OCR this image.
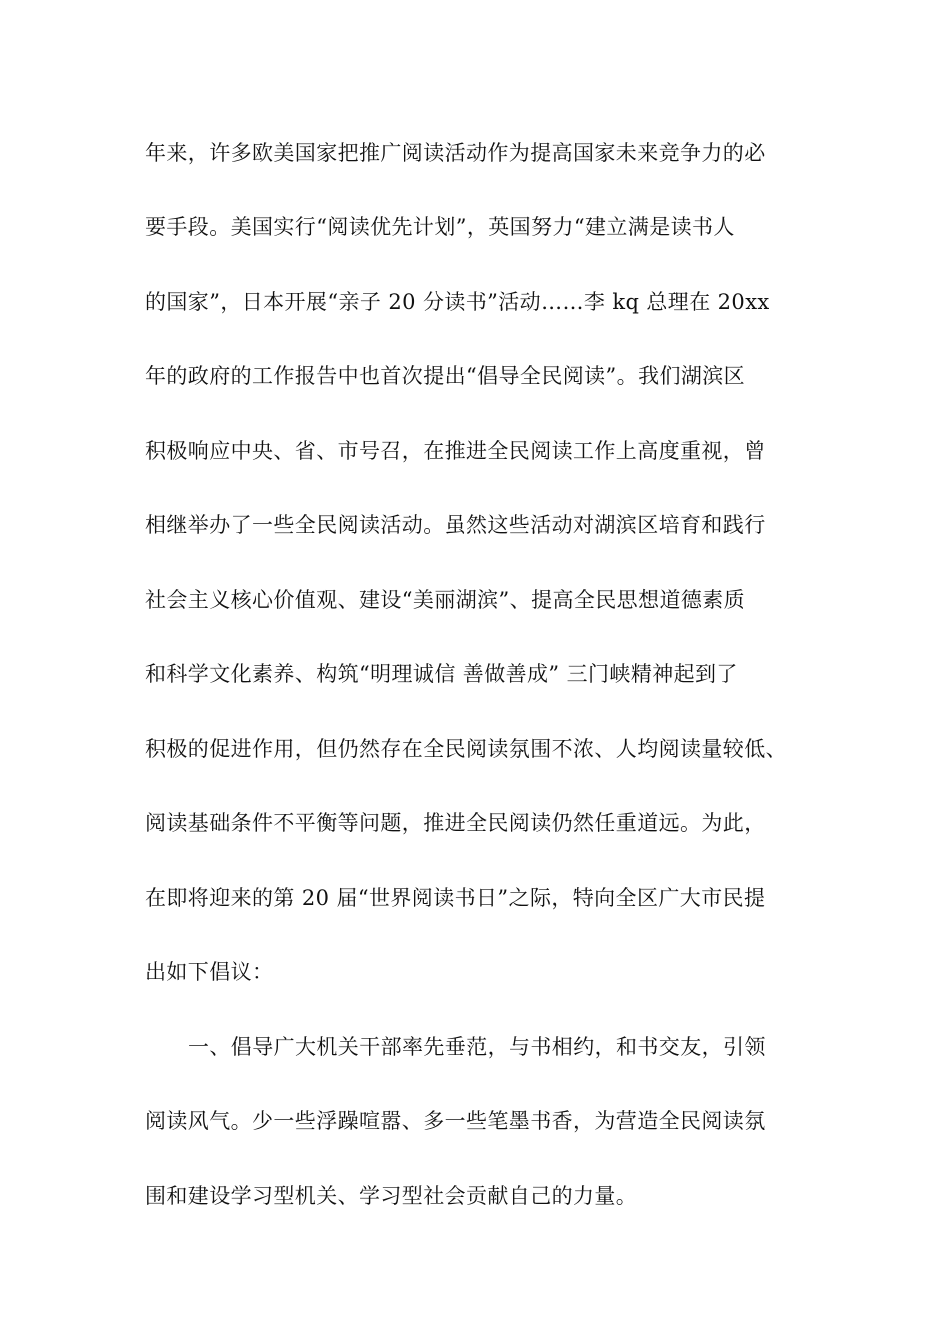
年来，许多欧美国家把推广阅读活动作为提高国家未来竞争力的必
要手段。美国实行“阅读优先计划”，英国努力“建立满是读书人
的国家”，日本开展“亲子 20 分读书”活动……李 kq 总理在 20xx
年的政府的工作报告中也首次提出“倡导全民阅读”。我们湖滨区
积极响应中央、省、市号召，在推进全民阅读工作上高度重视，曾
相继举办了一些全民阅读活动。虽然这些活动对湖滨区培育和践行
社会主义核心价值观、建设“美丽湖滨”、提高全民思想道德素质
和科学文化素养、构筑“明理诚信 善做善成” 三门峡精神起到了
积极的促进作用，但仍然存在全民阅读氛围不浓、人均阅读量较低、
阅读基础条件不平衡等问题，推进全民阅读仍然任重道远。为此，
在即将迎来的第 20 届“世界阅读书日”之际，特向全区广大市民提
出如下倡议：
一、倡导广大机关干部率先垂范，与书相约，和书交友，引领
阅读风气。少一些浮躁喧嚣、多一些笔墨书香，为营造全民阅读氛
围和建设学习型机关、学习型社会贡献自己的力量。
